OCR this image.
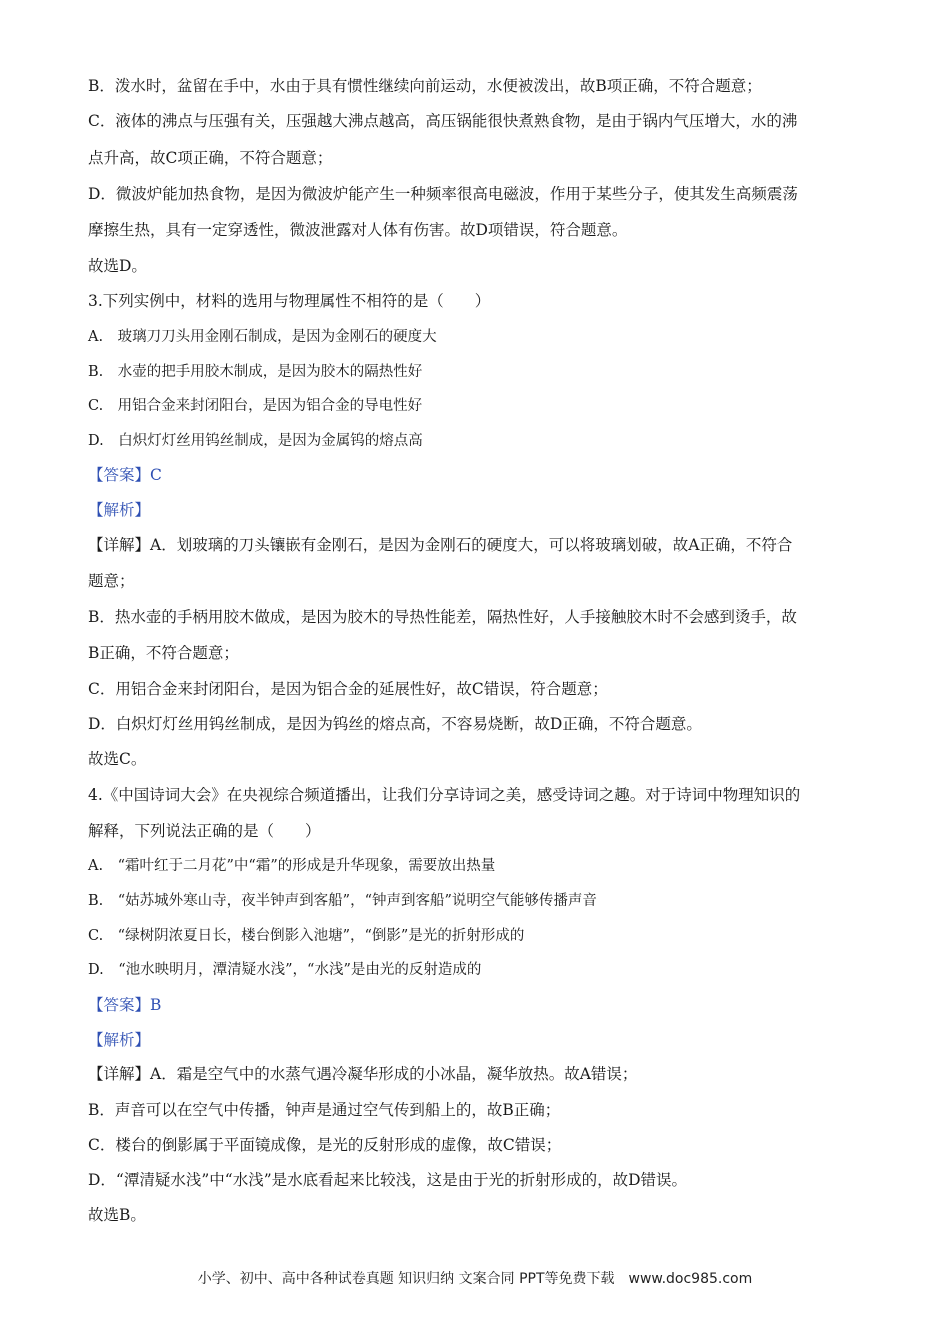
B．泼水时，盆留在手中，水由于具有惯性继续向前运动，水便被泼出，故B项正确，不符合题意；
C．液体的沸点与压强有关，压强越大沸点越高，高压锅能很快煮熟食物，是由于锅内气压增大，水的沸
点升高，故C项正确，不符合题意；
D．微波炉能加热食物，是因为微波炉能产生一种频率很高电磁波，作用于某些分子，使其发生高频震荡
摩擦生热，具有一定穿透性，微波泄露对人体有伤害。故D项错误，符合题意。
故选D。
3.下列实例中，材料的选用与物理属性不相符的是（　　）
A.　玻璃刀刀头用金刚石制成，是因为金刚石的硬度大
B.　水壶的把手用胶木制成，是因为胶木的隔热性好
C.　用铝合金来封闭阳台，是因为铝合金的导电性好
D.　白炽灯灯丝用钨丝制成，是因为金属钨的熔点高
【答案】C
【解析】
【详解】A．划玻璃的刀头镶嵌有金刚石，是因为金刚石的硬度大，可以将玻璃划破，故A正确，不符合
题意；
B．热水壶的手柄用胶木做成，是因为胶木的导热性能差，隔热性好，人手接触胶木时不会感到烫手，故
B正确，不符合题意；
C．用铝合金来封闭阳台，是因为铝合金的延展性好，故C错误，符合题意；
D．白炽灯灯丝用钨丝制成，是因为钨丝的熔点高，不容易烧断，故D正确，不符合题意。
故选C。
4.《中国诗词大会》在央视综合频道播出，让我们分享诗词之美，感受诗词之趣。对于诗词中物理知识的
解释，下列说法正确的是（　　）
A.　“霜叶红于二月花”中“霜”的形成是升华现象，需要放出热量
B.　“姑苏城外寒山寺，夜半钟声到客船”，“钟声到客船”说明空气能够传播声音
C.　“绿树阴浓夏日长，楼台倒影入池塘”，“倒影”是光的折射形成的
D.　“池水映明月，潭清疑水浅”，“水浅”是由光的反射造成的
【答案】B
【解析】
【详解】A．霜是空气中的水蒸气遇冷凝华形成的小冰晶，凝华放热。故A错误；
B．声音可以在空气中传播，钟声是通过空气传到船上的，故B正确；
C．楼台的倒影属于平面镜成像，是光的反射形成的虚像，故C错误；
D．“潭清疑水浅”中“水浅”是水底看起来比较浅，这是由于光的折射形成的，故D错误。
故选B。
小学、初中、高中各种试卷真题 知识归纳 文案合同 PPT等免费下载　www.doc985.com
